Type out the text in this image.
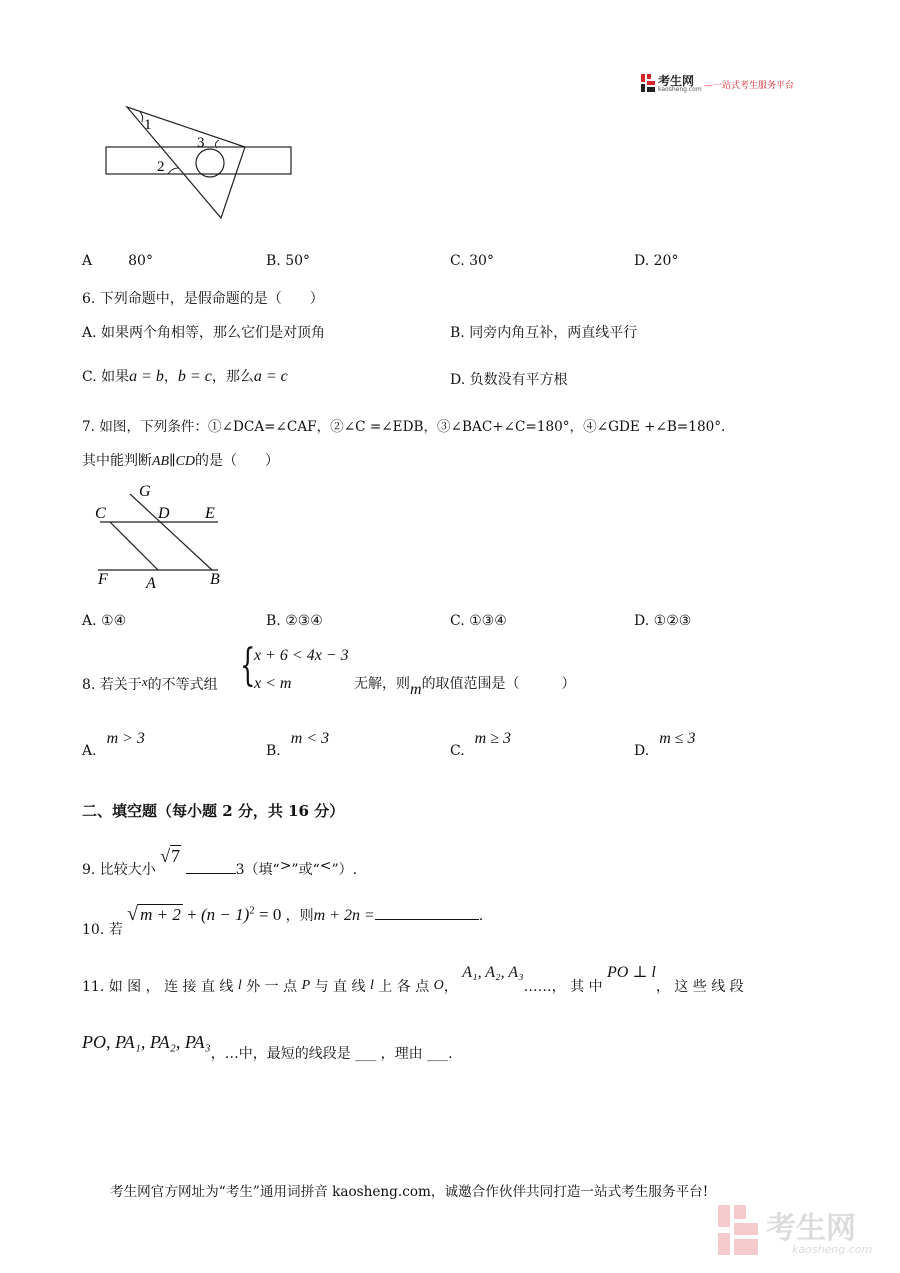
考生网
kaosheng.com —一站式考生服务平台
1
2
3
A	80°	B. 50°	C. 30°	D. 20°
6. 下列命题中，是假命题的是（　　）
A. 如果两个角相等，那么它们是对顶角	B. 同旁内角互补，两直线平行
C. 如果a = b，b = c，那么a = c	D. 负数没有平方根
7. 如图，下列条件：①∠DCA=∠CAF，②∠C =∠EDB，③∠BAC+∠C=180°，④∠GDE +∠B=180°.
其中能判断AB∥CD的是（　　）
G
C	D E
F A	B
A. ①④	B. ②③④	C. ①③④	D. ①②③
8. 若关于x的不等式组 {
x + 6 < 4x − 3
x < m	无解，则m的取值范围是（　　　）
A.m > 3
B.m < 3
C.m ≥ 3
D.m ≤ 3
二、填空题（每小题 2 分，共 16 分）
9. 比较大小 √7 3（填“>”或“<”）.
10. 若 √ $m + 2 + (n - 1)^2 = 0$ ，则m + 2n =	.
11. 如 图 ， 连 接 直 线 l 外 一 点 P 与 直 线 l 上 各 点 O， A₁, A₂, A₃……， 其 中 PO ⊥ l， 这 些 线 段
PO, PA₁, PA₂, PA₃，…中，最短的线段是 ___ ，理由 ___.
考生网官方网址为“考生”通用词拼音 kaosheng.com，诚邀合作伙伴共同打造一站式考生服务平台!
考生网
kaosheng.com
